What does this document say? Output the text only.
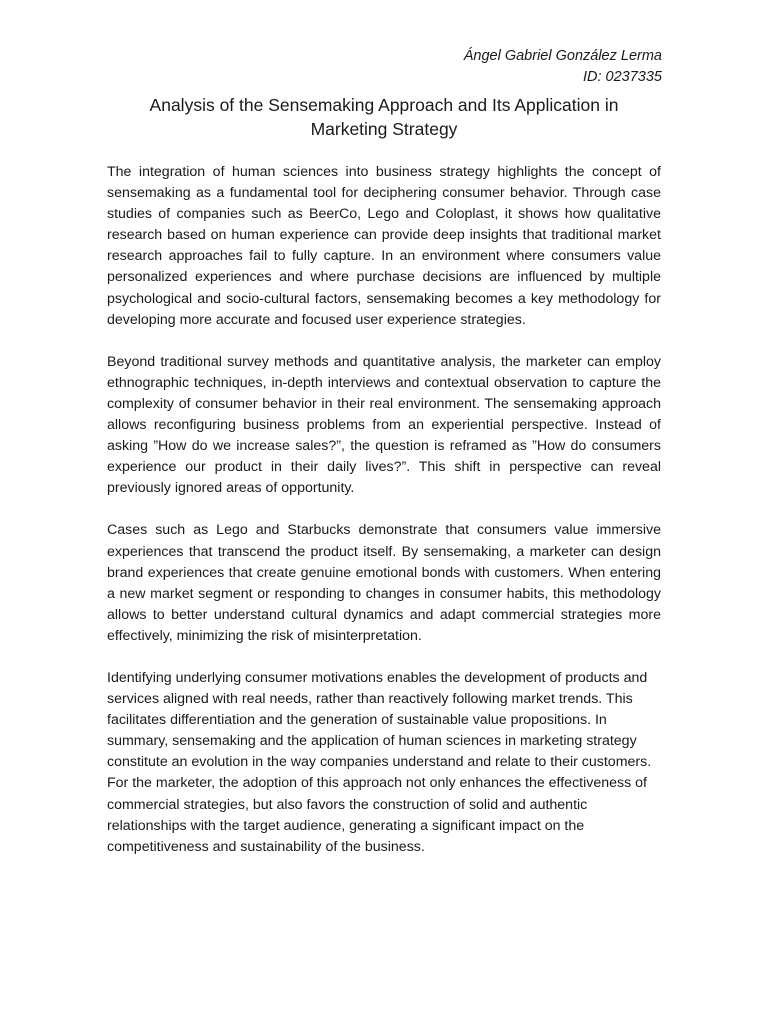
Ángel Gabriel González Lerma
ID: 0237335
Analysis of the Sensemaking Approach and Its Application in
Marketing Strategy

The integration of human sciences into business strategy highlights the concept of sensemaking as a fundamental tool for deciphering consumer behavior. Through case studies of companies such as BeerCo, Lego and Coloplast, it shows how qualitative research based on human experience can provide deep insights that traditional market research approaches fail to fully capture. In an environment where consumers value personalized experiences and where purchase decisions are influenced by multiple psychological and socio-cultural factors, sensemaking becomes a key methodology for developing more accurate and focused user experience strategies.

Beyond traditional survey methods and quantitative analysis, the marketer can employ ethnographic techniques, in-depth interviews and contextual observation to capture the complexity of consumer behavior in their real environment. The sensemaking approach allows reconfiguring business problems from an experiential perspective. Instead of asking ”How do we increase sales?”, the question is reframed as ”How do consumers experience our product in their daily lives?”. This shift in perspective can reveal previously ignored areas of opportunity.

Cases such as Lego and Starbucks demonstrate that consumers value immersive experiences that transcend the product itself. By sensemaking, a marketer can design brand experiences that create genuine emotional bonds with customers. When entering a new market segment or responding to changes in consumer habits, this methodology allows to better understand cultural dynamics and adapt commercial strategies more effectively, minimizing the risk of misinterpretation.

Identifying underlying consumer motivations enables the development of products and services aligned with real needs, rather than reactively following market trends. This facilitates differentiation and the generation of sustainable value propositions. In summary, sensemaking and the application of human sciences in marketing strategy constitute an evolution in the way companies understand and relate to their customers. For the marketer, the adoption of this approach not only enhances the effectiveness of commercial strategies, but also favors the construction of solid and authentic relationships with the target audience, generating a significant impact on the competitiveness and sustainability of the business.
